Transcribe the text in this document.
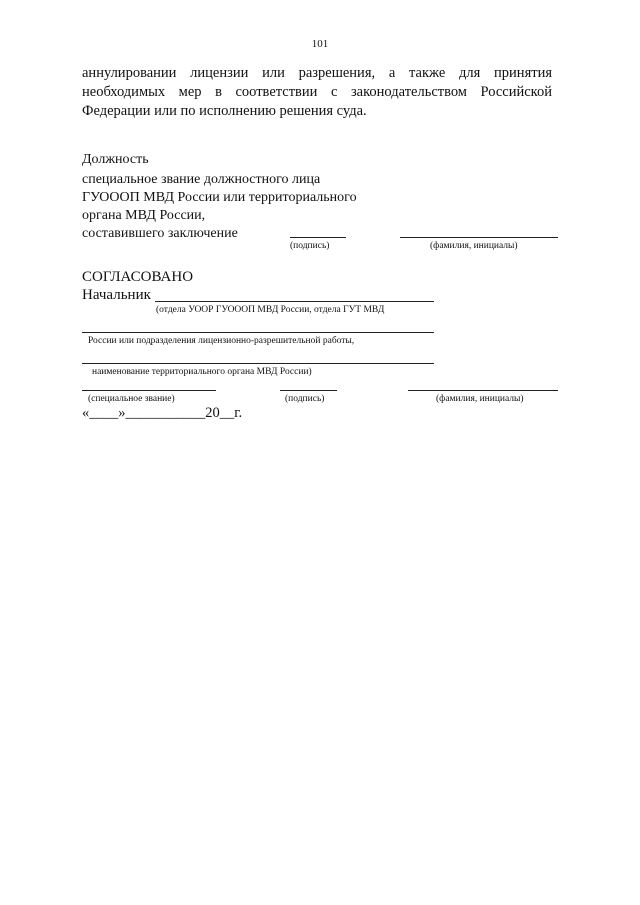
101
аннулировании лицензии или разрешения, а также для принятия необходимых мер в соответствии с законодательством Российской Федерации или по исполнению решения суда.
Должность
специальное звание должностного лица
ГУОООП МВД России или территориального
органа МВД России,
составившего заключение
(подпись)	(фамилия, инициалы)
СОГЛАСОВАНО
Начальник
(отдела УООР ГУОООП МВД России, отдела ГУТ МВД
России или подразделения лицензионно-разрешительной работы,
наименование территориального органа МВД России)
(специальное звание)	(подпись)	(фамилия, инициалы)
«____»___________20__г.
